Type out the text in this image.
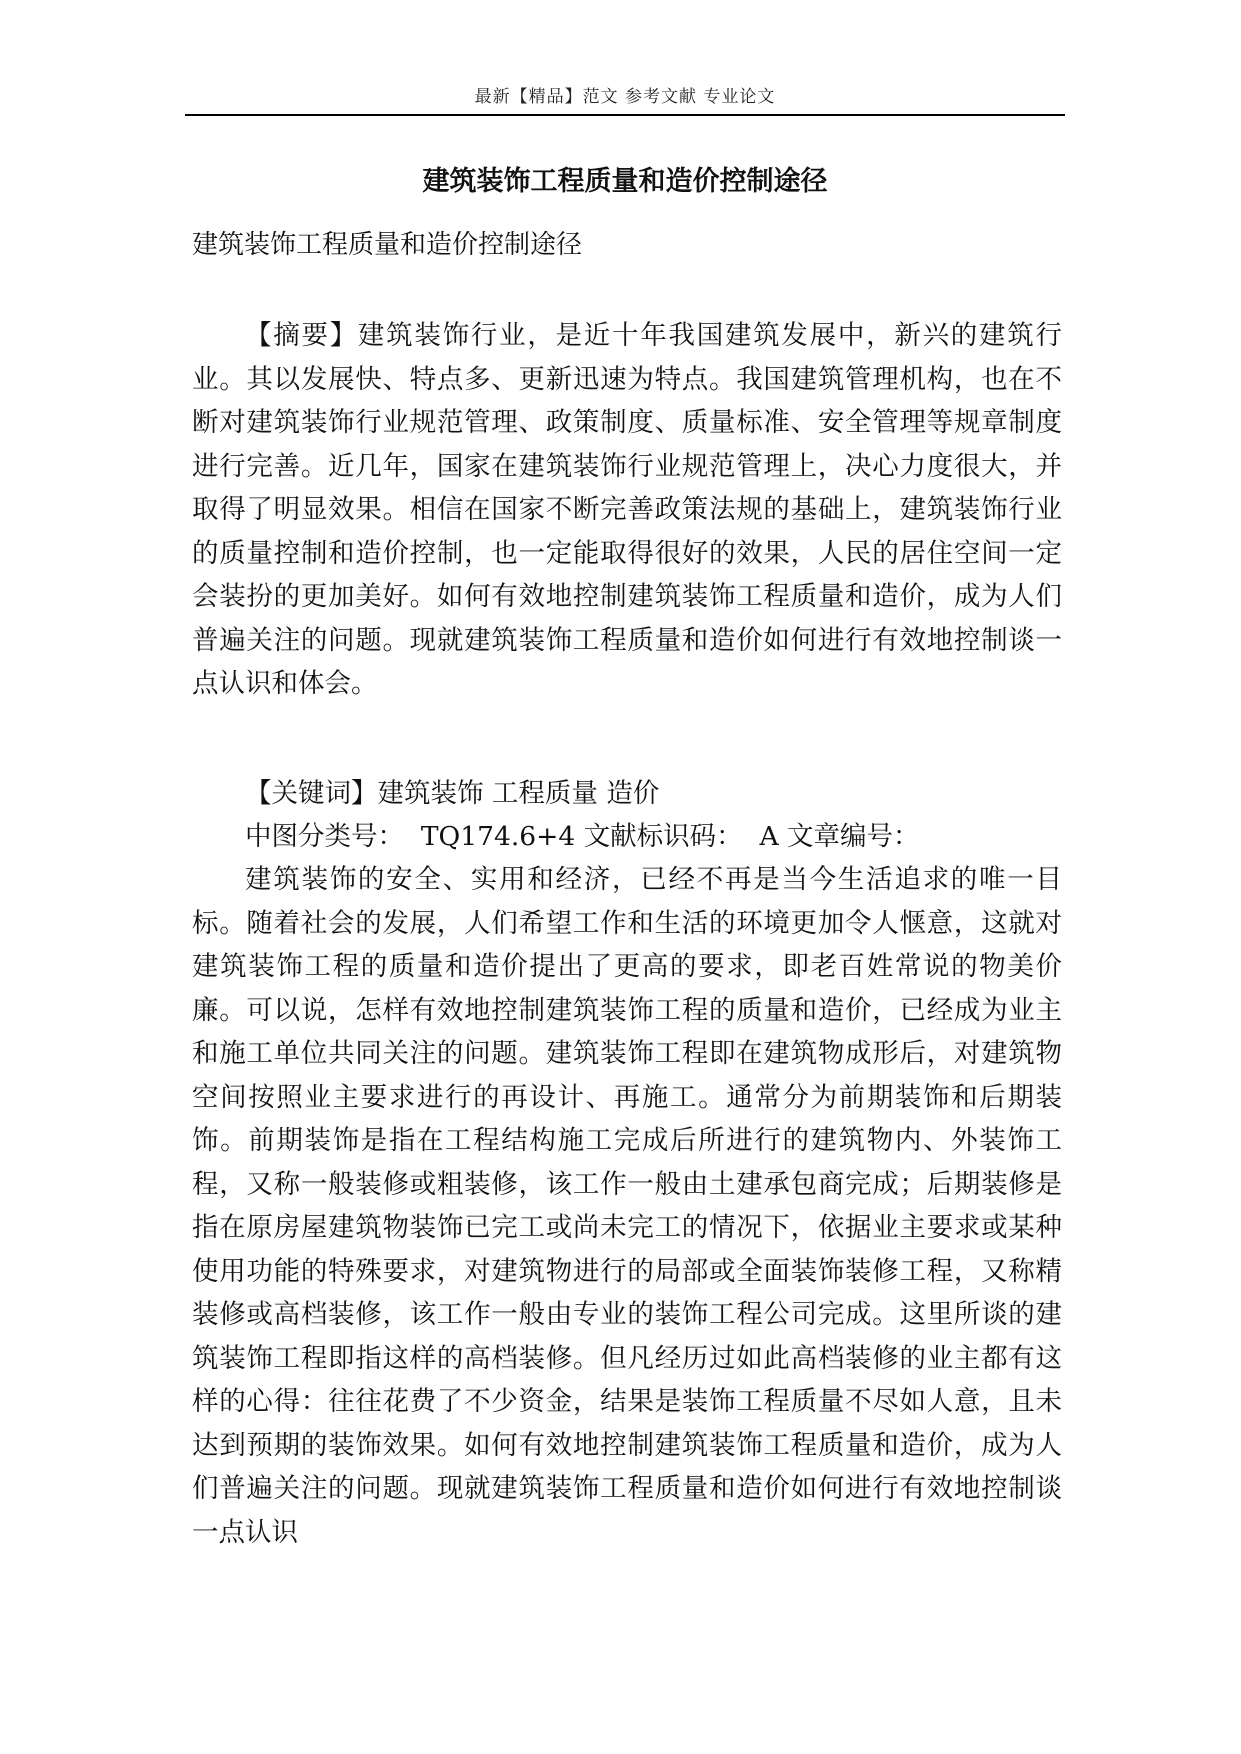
最新【精品】范文 参考文献 专业论文
建筑装饰工程质量和造价控制途径
建筑装饰工程质量和造价控制途径

【摘要】建筑装饰行业，是近十年我国建筑发展中，新兴的建筑行业。其以发展快、特点多、更新迅速为特点。我国建筑管理机构，也在不断对建筑装饰行业规范管理、政策制度、质量标准、安全管理等规章制度进行完善。近几年，国家在建筑装饰行业规范管理上，决心力度很大，并取得了明显效果。相信在国家不断完善政策法规的基础上，建筑装饰行业的质量控制和造价控制，也一定能取得很好的效果，人民的居住空间一定会装扮的更加美好。如何有效地控制建筑装饰工程质量和造价，成为人们普遍关注的问题。现就建筑装饰工程质量和造价如何进行有效地控制谈一点认识和体会。

【关键词】建筑装饰 工程质量 造价

中图分类号：  TQ174.6+4 文献标识码：  A 文章编号：

建筑装饰的安全、实用和经济，已经不再是当今生活追求的唯一目标。随着社会的发展，人们希望工作和生活的环境更加令人惬意，这就对建筑装饰工程的质量和造价提出了更高的要求，即老百姓常说的物美价廉。可以说，怎样有效地控制建筑装饰工程的质量和造价，已经成为业主和施工单位共同关注的问题。建筑装饰工程即在建筑物成形后，对建筑物空间按照业主要求进行的再设计、再施工。通常分为前期装饰和后期装饰。前期装饰是指在工程结构施工完成后所进行的建筑物内、外装饰工程，又称一般装修或粗装修，该工作一般由土建承包商完成；后期装修是指在原房屋建筑物装饰已完工或尚未完工的情况下，依据业主要求或某种使用功能的特殊要求，对建筑物进行的局部或全面装饰装修工程，又称精装修或高档装修，该工作一般由专业的装饰工程公司完成。这里所谈的建筑装饰工程即指这样的高档装修。但凡经历过如此高档装修的业主都有这样的心得：往往花费了不少资金，结果是装饰工程质量不尽如人意，且未达到预期的装饰效果。如何有效地控制建筑装饰工程质量和造价，成为人们普遍关注的问题。现就建筑装饰工程质量和造价如何进行有效地控制谈一点认识
